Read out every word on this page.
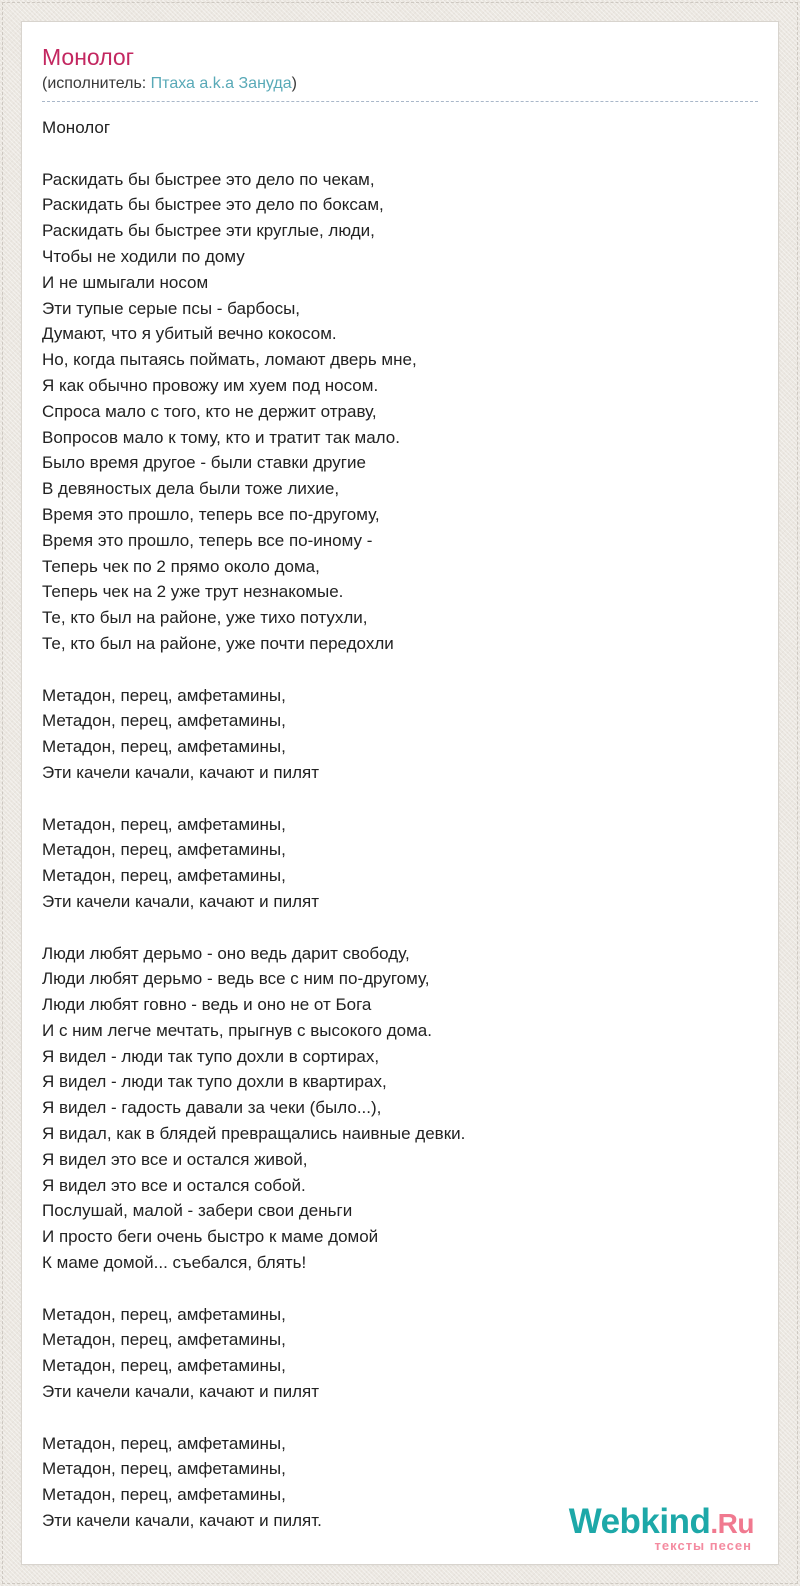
Монолог
(исполнитель: Птаха a.k.a Зануда)
Монолог

Раскидать бы быстрее это дело по чекам,
Раскидать бы быстрее это дело по боксам,
Раскидать бы быстрее эти круглые, люди,
Чтобы не ходили по дому
И не шмыгали носом
Эти тупые серые псы - барбосы,
Думают, что я убитый вечно кокосом.
Но, когда пытаясь поймать, ломают дверь мне,
Я как обычно провожу им хуем под носом.
Спроса мало с того, кто не держит отраву,
Вопросов мало к тому, кто и тратит так мало.
Было время другое - были ставки другие
В девяностых дела были тоже лихие,
Время это прошло, теперь все по-другому,
Время это прошло, теперь все по-иному -
Теперь чек по 2 прямо около дома,
Теперь чек на 2 уже трут незнакомые.
Те, кто был на районе, уже тихо потухли,
Те, кто был на районе, уже почти передохли

Метадон, перец, амфетамины,
Метадон, перец, амфетамины,
Метадон, перец, амфетамины,
Эти качели качали, качают и пилят

Метадон, перец, амфетамины,
Метадон, перец, амфетамины,
Метадон, перец, амфетамины,
Эти качели качали, качают и пилят

Люди любят дерьмо - оно ведь дарит свободу,
Люди любят дерьмо - ведь все с ним по-другому,
Люди любят говно - ведь и оно не от Бога
И с ним легче мечтать, прыгнув с высокого дома.
Я видел - люди так тупо дохли в сортирах,
Я видел - люди так тупо дохли в квартирах,
Я видел - гадость давали за чеки (было...),
Я видал, как в блядей превращались наивные девки.
Я видел это все и остался живой,
Я видел это все и остался собой.
Послушай, малой - забери свои деньги
И просто беги очень быстро к маме домой
К маме домой... съебался, блять!

Метадон, перец, амфетамины,
Метадон, перец, амфетамины,
Метадон, перец, амфетамины,
Эти качели качали, качают и пилят

Метадон, перец, амфетамины,
Метадон, перец, амфетамины,
Метадон, перец, амфетамины,
Эти качели качали, качают и пилят.	Webkind.Ru
тексты песен
